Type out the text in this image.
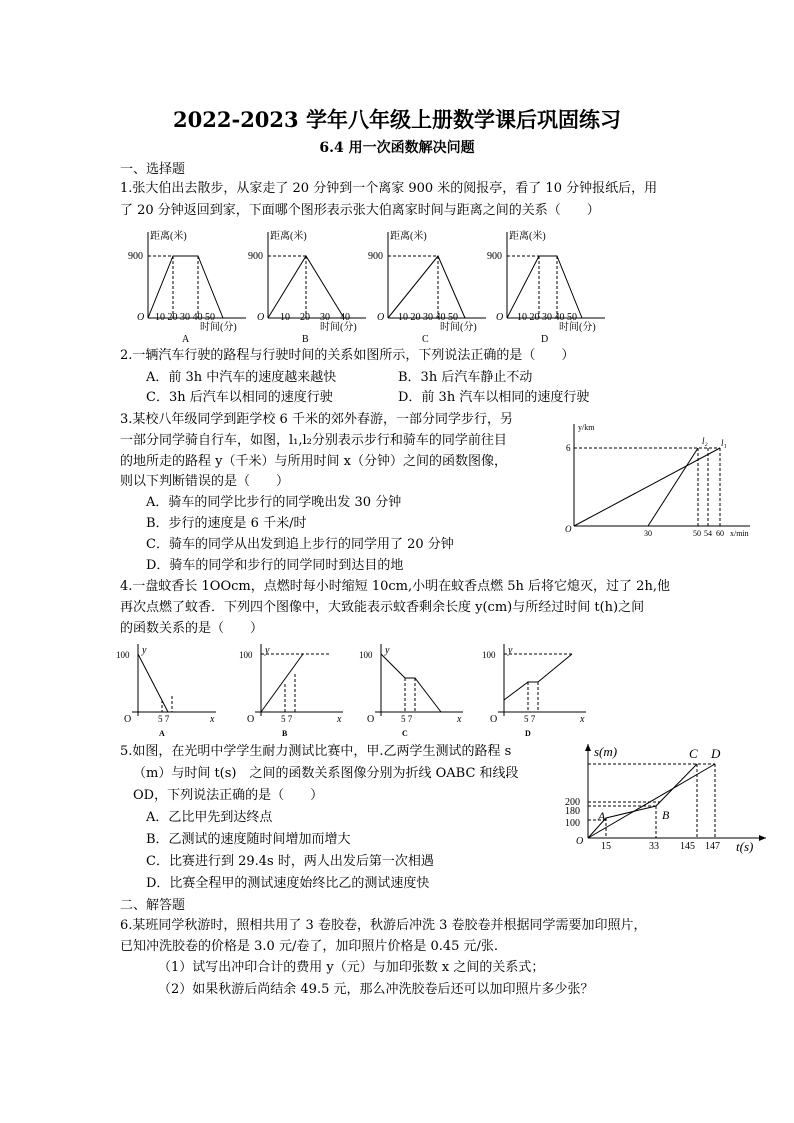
2022-2023 学年八年级上册数学课后巩固练习
6.4 用一次函数解决问题
一、选择题
1.张大伯出去散步，从家走了 20 分钟到一个离家 900 米的阅报亭，看了 10 分钟报纸后，用
了 20 分钟返回到家，下面哪个图形表示张大伯离家时间与距离之间的关系（　　）
距离(米)
900
O 10 20 30 40 50
时间(分)
A
距离(米)
900
O 10　20　30　40
时间(分)
B
距离(米)
900
O 10 20 30 40 50
时间(分)
C
距离(米)
900
O 10 20 30 40 50
时间(分)
D
2.一辆汽车行驶的路程与行驶时间的关系如图所示，下列说法正确的是（　　）
A．前 3h 中汽车的速度越来越快	B．3h 后汽车静止不动
C．3h 后汽车以相同的速度行驶	D．前 3h 汽车以相同的速度行驶
3.某校八年级同学到距学校 6 千米的郊外春游，一部分同学步行，另
一部分同学骑自行车，如图，l₁,l₂分别表示步行和骑车的同学前往目
的地所走的路程 y（千米）与所用时间 x（分钟）之间的函数图像，
则以下判断错误的是（　　）
A．骑车的同学比步行的同学晚出发 30 分钟
B．步行的速度是 6 千米/时
C．骑车的同学从出发到追上步行的同学用了 20 分钟
D．骑车的同学和步行的同学同时到达目的地
y/km
6
O	30	50 54 60 x/min
l₂ l₁
4.一盘蚊香长 1OOcm，点燃时每小时缩短 10cm,小明在蚊香点燃 5h 后将它熄灭，过了 2h,他
再次点燃了蚊香．下列四个图像中，大致能表示蚊香剩余长度 y(cm)与所经过时间 t(h)之间
的函数关系的是（　　）
100 y
O	5 7	x
A
100 y
O	5 7	x
B
100 y
O	5 7	x
C
100 y
O	5 7	x
D
5.如图，在光明中学学生耐力测试比赛中，甲.乙两学生测试的路程 s
（m）与时间 t(s)　之间的函数关系图像分别为折线 OABC 和线段
OD，下列说法正确的是（　　）
A．乙比甲先到达终点
B．乙测试的速度随时间增加而增大
C．比赛进行到 29.4s 时，两人出发后第一次相遇
D．比赛全程甲的测试速度始终比乙的测试速度快
s(m)
200
180
100
O 15	33 145 147 t(s)
A	B
C D
二、解答题
6.某班同学秋游时，照相共用了 3 卷胶卷，秋游后冲洗 3 卷胶卷并根据同学需要加印照片，
已知冲洗胶卷的价格是 3.0 元/卷了，加印照片价格是 0.45 元/张.
（1）试写出冲印合计的费用 y（元）与加印张数 x 之间的关系式；
（2）如果秋游后尚结余 49.5 元，那么冲洗胶卷后还可以加印照片多少张？
